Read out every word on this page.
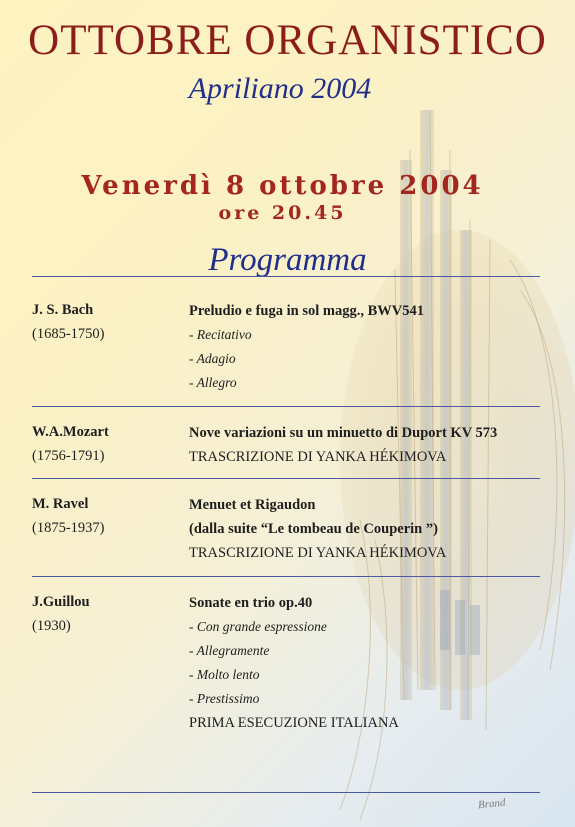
OTTOBRE ORGANISTICO
Apriliano 2004
Venerdì 8 ottobre 2004
ore 20.45
Programma
J. S. Bach
(1685-1750)
Preludio e fuga in sol magg., BWV541
- Recitativo
- Adagio
- Allegro
W.A.Mozart
(1756-1791)
Nove variazioni su un minuetto di Duport KV 573
TRASCRIZIONE DI YANKA HÉKIMOVA
M. Ravel
(1875-1937)
Menuet et Rigaudon
(dalla suite “Le tombeau de Couperin ”)
TRASCRIZIONE DI YANKA HÉKIMOVA
J.Guillou
(1930)
Sonate en trio op.40
- Con grande espressione
- Allegramente
- Molto lento
- Prestissimo
PRIMA ESECUZIONE ITALIANA
Brand
